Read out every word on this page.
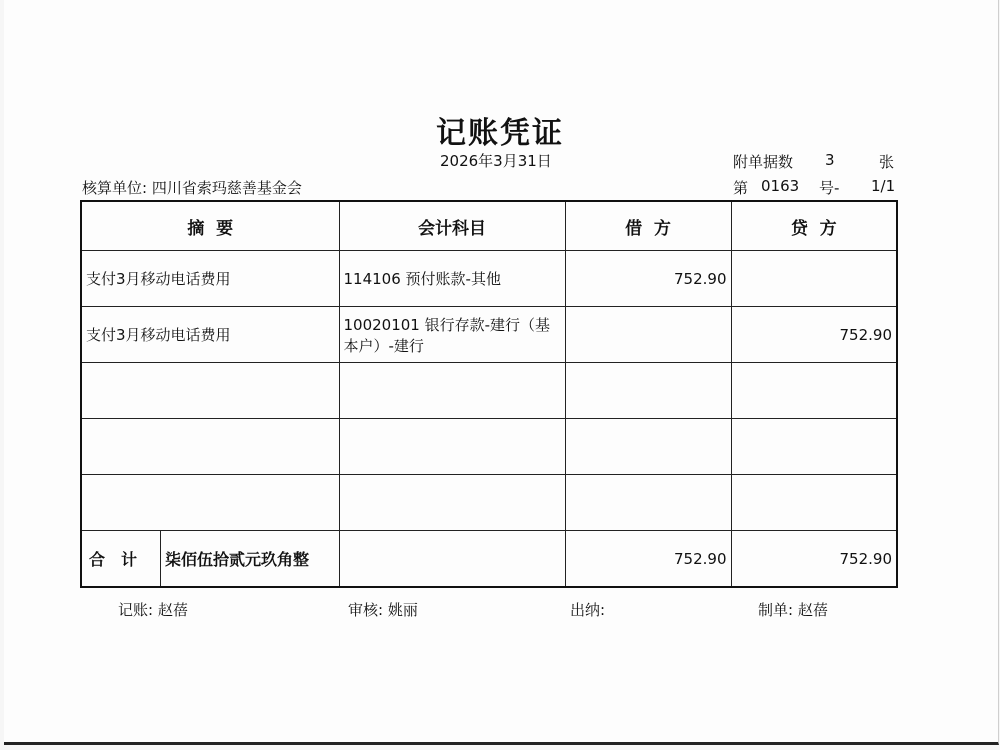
记账凭证
2026年3月31日
核算单位: 四川省索玛慈善基金会
附单据数 3	张
第 0163 号- 1/1
摘  要	会计科目	借  方	贷  方
支付3月移动电话费用	114106 预付账款-其他	752.90	
支付3月移动电话费用	10020101 银行存款-建行（基本户）-建行		752.90

合计 柒佰伍拾贰元玖角整		752.90	752.90
记账: 赵蓓	审核: 姚丽	出纳:	制单: 赵蓓
